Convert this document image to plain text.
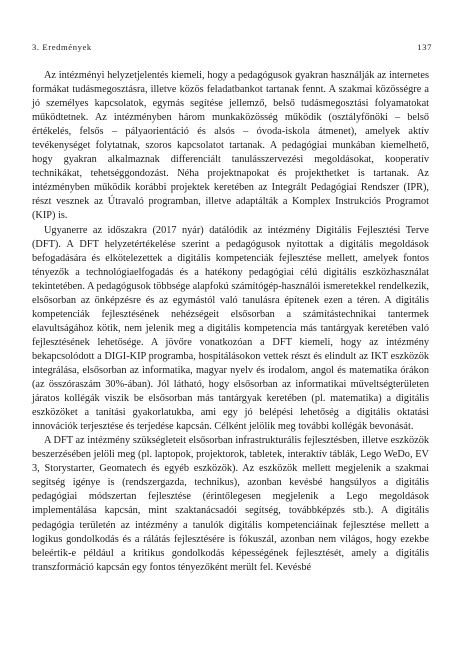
3. Eredmények	137

Az intézményi helyzetjelentés kiemeli, hogy a pedagógusok gyakran használják az internetes formákat tudásmegosztásra, illetve közös feladatbankot tartanak fennt. A szakmai közösségre a jó személyes kapcsolatok, egymás segítése jellemző, belső tudásmegosztási folyamatokat működtetnek. Az intézményben három munkaközösség működik (osztályfőnöki – belső értékelés, felsős – pályaorientáció és alsós – óvoda-iskola átmenet), amelyek aktív tevékenységet folytatnak, szoros kapcsolatot tartanak. A pedagógiai munkában kiemelhető, hogy gyakran alkalmaznak differenciált tanulásszervezési megoldásokat, kooperatív technikákat, tehetséggondozást. Néha projektnapokat és projekthetket is tartanak. Az intézményben működik korábbi projektek keretében az Integrált Pedagógiai Rendszer (IPR), részt vesznek az Útravaló programban, illetve adaptálták a Komplex Instrukciós Programot (KIP) is.

Ugyanerre az időszakra (2017 nyár) datálódik az intézmény Digitális Fejlesztési Terve (DFT). A DFT helyzetértékelése szerint a pedagógusok nyitottak a digitális megoldások befogadására és elkötelezettek a digitális kompetenciák fejlesztése mellett, amelyek fontos tényezők a technológiaelfogadás és a hatékony pedagógiai célú digitális eszközhasználat tekintetében. A pedagógusok többsége alapfokú számítógép-használói ismeretekkel rendelkezik, elsősorban az önképzésre és az egymástól való tanulásra építenek ezen a téren. A digitális kompetenciák fejlesztésének nehézségeit elsősorban a számítástechnikai tantermek elavultságához kötik, nem jelenik meg a digitális kompetencia más tantárgyak keretében való fejlesztésének lehetősége. A jövőre vonatkozóan a DFT kiemeli, hogy az intézmény bekapcsolódott a DIGI-KIP programba, hospitálásokon vettek részt és elindult az IKT eszközök integrálása, elsősorban az informatika, magyar nyelv és irodalom, angol és matematika órákon (az összóraszám 30%-ában). Jól látható, hogy elsősorban az informatikai műveltségterületen járatos kollégák viszik be elsősorban más tantárgyak keretében (pl. matematika) a digitális eszközöket a tanítási gyakorlatukba, ami egy jó belépési lehetőség a digitális oktatási innovációk terjesztése és terjedése kapcsán. Célként jelölik meg további kollégák bevonását.

A DFT az intézmény szükségleteit elsősorban infrastrukturális fejlesztésben, illetve eszközök beszerzésében jelöli meg (pl. laptopok, projektorok, tabletek, interaktív táblák, Lego WeDo, EV 3, Storystarter, Geomatech és egyéb eszközök). Az eszközök mellett megjelenik a szakmai segítség igénye is (rendszergazda, technikus), azonban kevésbé hangsúlyos a digitális pedagógiai módszertan fejlesztése (érintőlegesen megjelenik a Lego megoldások implementálása kapcsán, mint szaktanácsadói segítség, továbbképzés stb.). A digitális pedagógia területén az intézmény a tanulók digitális kompetenciáinak fejlesztése mellett a logikus gondolkodás és a rálátás fejlesztésére is fókuszál, azonban nem világos, hogy ezekbe beleértik-e például a kritikus gondolkodás képességének fejlesztését, amely a digitális transzformáció kapcsán egy fontos tényezőként merült fel. Kevésbé
